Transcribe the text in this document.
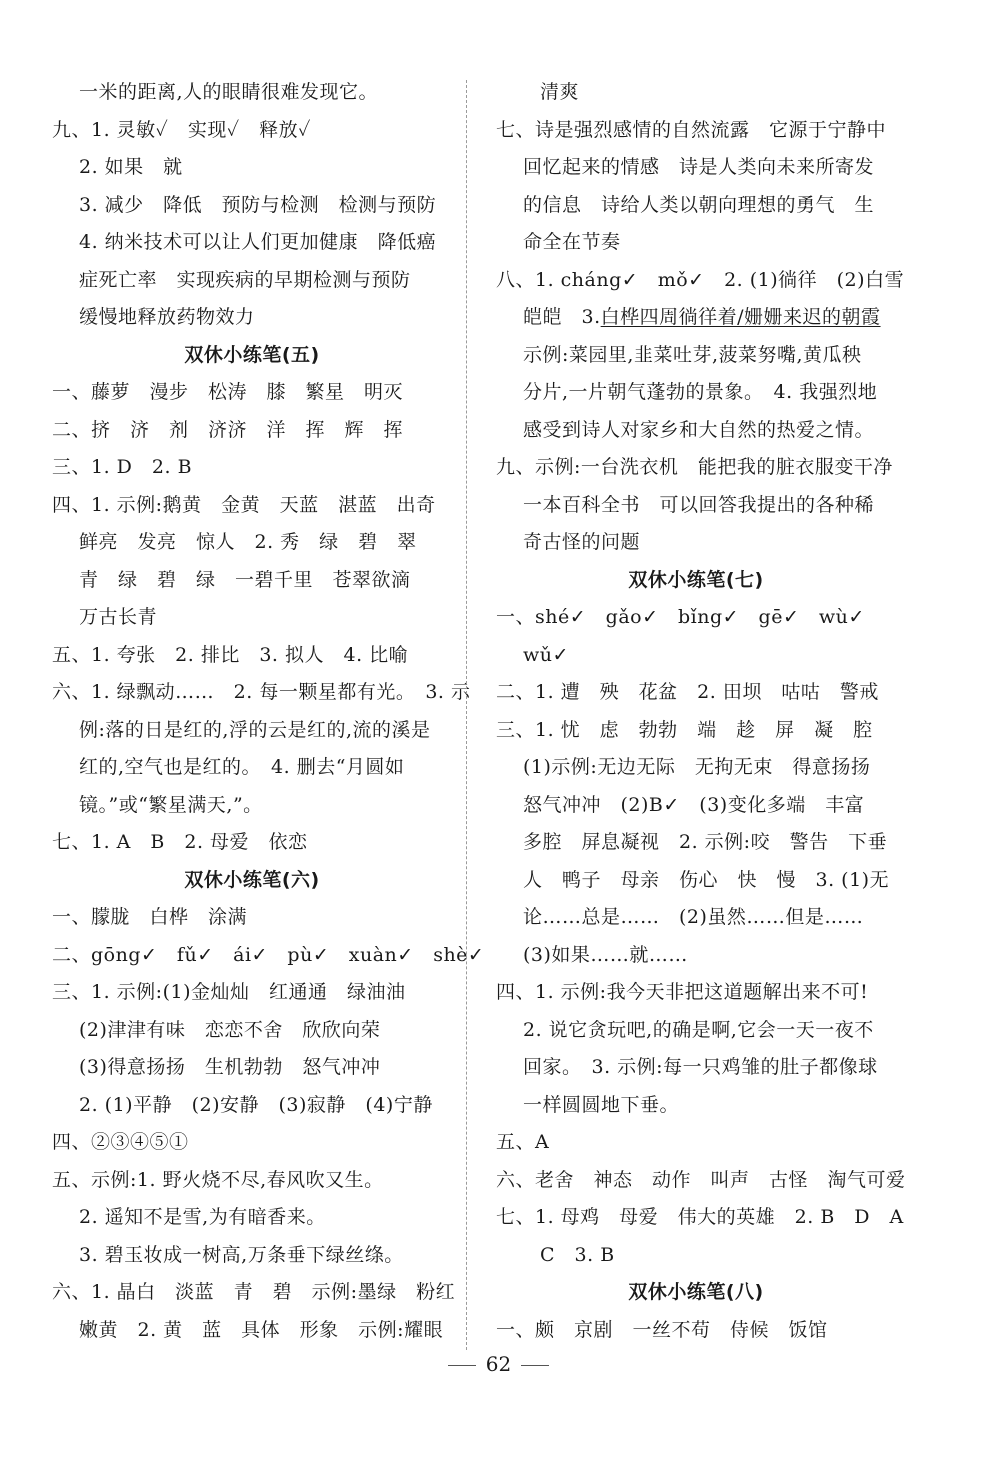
一米的距离,人的眼睛很难发现它。
九、1. 灵敏✓　实现✓　释放✓
2. 如果　就
3. 减少　降低　预防与检测　检测与预防
4. 纳米技术可以让人们更加健康　降低癌
症死亡率　实现疾病的早期检测与预防
缓慢地释放药物效力
双休小练笔(五)
一、藤萝　漫步　松涛　膝　繁星　明灭
二、挤　济　剂　济济　洋　挥　辉　挥
三、1. D　2. B
四、1. 示例:鹅黄　金黄　天蓝　湛蓝　出奇
鲜亮　发亮　惊人　2. 秀　绿　碧　翠
青　绿　碧　绿　一碧千里　苍翠欲滴
万古长青
五、1. 夸张　2. 排比　3. 拟人　4. 比喻
六、1. 绿飘动……　2. 每一颗星都有光。　3. 示
例:落的日是红的,浮的云是红的,流的溪是
红的,空气也是红的。　4. 删去“月圆如
镜。”或“繁星满天,”。
七、1. A　B　2. 母爱　依恋
双休小练笔(六)
一、朦胧　白桦　涂满
二、gōng✓　fǔ✓　ái✓　pù✓　xuàn✓　shè✓
三、1. 示例:(1)金灿灿　红通通　绿油油
(2)津津有味　恋恋不舍　欣欣向荣
(3)得意扬扬　生机勃勃　怒气冲冲
2. (1)平静　(2)安静　(3)寂静　(4)宁静
四、②③④⑤①
五、示例:1. 野火烧不尽,春风吹又生。
2. 遥知不是雪,为有暗香来。
3. 碧玉妆成一树高,万条垂下绿丝绦。
六、1. 晶白　淡蓝　青　碧　示例:墨绿　粉红
嫩黄　2. 黄　蓝　具体　形象　示例:耀眼
清爽
七、诗是强烈感情的自然流露　它源于宁静中
回忆起来的情感　诗是人类向未来所寄发
的信息　诗给人类以朝向理想的勇气　生
命全在节奏
八、1. cháng✓　mǒ✓　2. (1)徜徉　(2)白雪
皑皑　3.白桦四周徜徉着/姗姗来迟的朝霞
示例:菜园里,韭菜吐芽,菠菜努嘴,黄瓜秧
分片,一片朝气蓬勃的景象。　4. 我强烈地
感受到诗人对家乡和大自然的热爱之情。
九、示例:一台洗衣机　能把我的脏衣服变干净
一本百科全书　可以回答我提出的各种稀
奇古怪的问题
双休小练笔(七)
一、shé✓　gǎo✓　bǐng✓　gē✓　wù✓
wǔ✓
二、1. 遭　殃　花盆　2. 田坝　咕咕　警戒
三、1. 忧　虑　勃勃　端　趁　屏　凝　腔
(1)示例:无边无际　无拘无束　得意扬扬
怒气冲冲　(2)B✓　(3)变化多端　丰富
多腔　屏息凝视　2. 示例:咬　警告　下垂
人　鸭子　母亲　伤心　快　慢　3. (1)无
论……总是……　(2)虽然……但是……
(3)如果……就……
四、1. 示例:我今天非把这道题解出来不可!
2. 说它贪玩吧,的确是啊,它会一天一夜不
回家。　3. 示例:每一只鸡雏的肚子都像球
一样圆圆地下垂。
五、A
六、老舍　神态　动作　叫声　古怪　淘气可爱
七、1. 母鸡　母爱　伟大的英雄　2. B　D　A
C　3. B
双休小练笔(八)
一、颇　京剧　一丝不苟　侍候　饭馆
62
